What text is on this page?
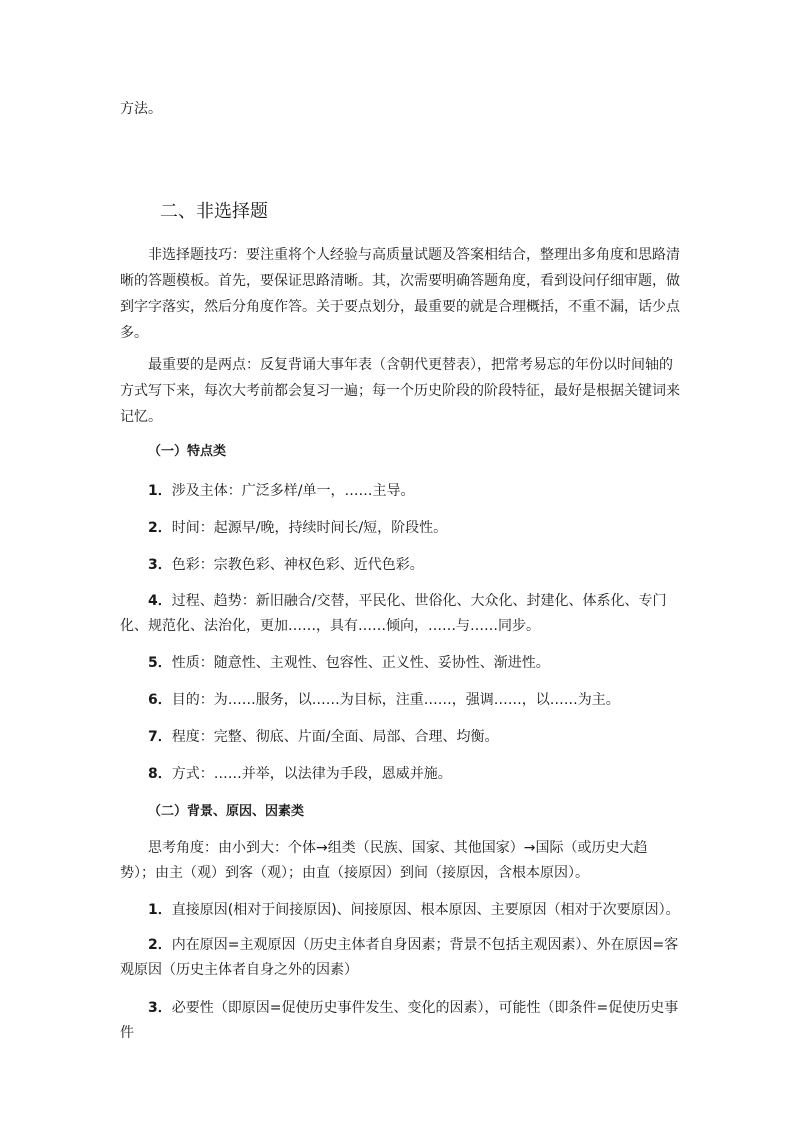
方法。

二、非选择题

非选择题技巧：要注重将个人经验与高质量试题及答案相结合，整理出多角度和思路清晰的答题模板。首先，要保证思路清晰。其，次需要明确答题角度，看到设问仔细审题，做到字字落实，然后分角度作答。关于要点划分，最重要的就是合理概括，不重不漏，话少点多。

最重要的是两点：反复背诵大事年表（含朝代更替表），把常考易忘的年份以时间轴的方式写下来，每次大考前都会复习一遍；每一个历史阶段的阶段特征，最好是根据关键词来记忆。

（一）特点类

1．涉及主体：广泛多样/单一，……主导。

2．时间：起源早/晚，持续时间长/短，阶段性。

3．色彩：宗教色彩、神权色彩、近代色彩。

4．过程、趋势：新旧融合/交替，平民化、世俗化、大众化、封建化、体系化、专门化、规范化、法治化，更加……，具有……倾向，……与……同步。

5．性质：随意性、主观性、包容性、正义性、妥协性、渐进性。

6．目的：为……服务，以……为目标，注重……，强调……，以……为主。

7．程度：完整、彻底、片面/全面、局部、合理、均衡。

8．方式：……并举，以法律为手段，恩威并施。

（二）背景、原因、因素类

思考角度：由小到大：个体→组类（民族、国家、其他国家）→国际（或历史大趋势）；由主（观）到客（观）；由直（接原因）到间（接原因，含根本原因）。

1．直接原因(相对于间接原因)、间接原因、根本原因、主要原因（相对于次要原因）。

2．内在原因=主观原因（历史主体者自身因素；背景不包括主观因素）、外在原因=客观原因（历史主体者自身之外的因素）

3．必要性（即原因=促使历史事件发生、变化的因素），可能性（即条件=促使历史事件
